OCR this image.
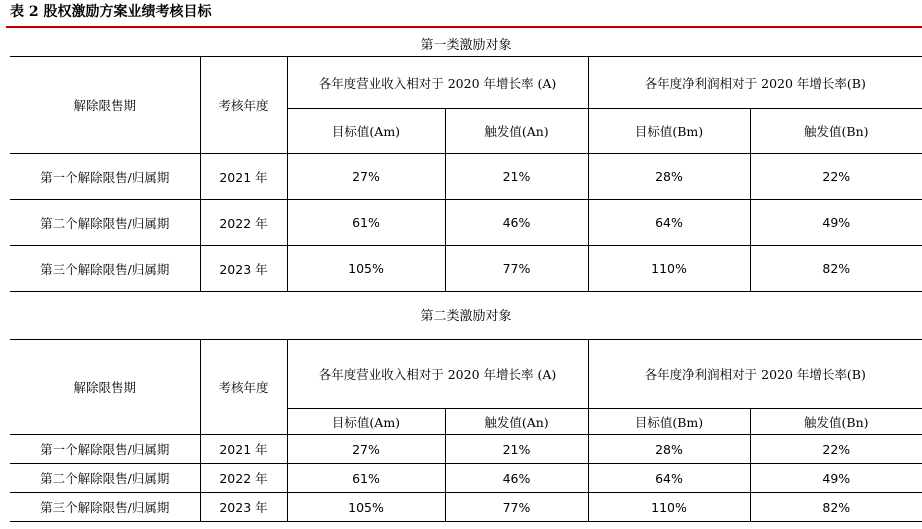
表 2 股权激励方案业绩考核目标
第一类激励对象
解除限售期	考核年度	各年度营业收入相对于 2020 年增长率 (A)		各年度净利润相对于 2020 年增长率(B)	
		目标值(Am)	触发值(An)	目标值(Bm)	触发值(Bn)
第一个解除限售/归属期	2021 年	27%	21%	28%	22%
第二个解除限售/归属期	2022 年	61%	46%	64%	49%
第三个解除限售/归属期	2023 年	105%	77%	110%	82%
第二类激励对象
解除限售期	考核年度	各年度营业收入相对于 2020 年增长率 (A)		各年度净利润相对于 2020 年增长率(B)	
		目标值(Am)	触发值(An)	目标值(Bm)	触发值(Bn)
第一个解除限售/归属期	2021 年	27%	21%	28%	22%
第二个解除限售/归属期	2022 年	61%	46%	64%	49%
第三个解除限售/归属期	2023 年	105%	77%	110%	82%
